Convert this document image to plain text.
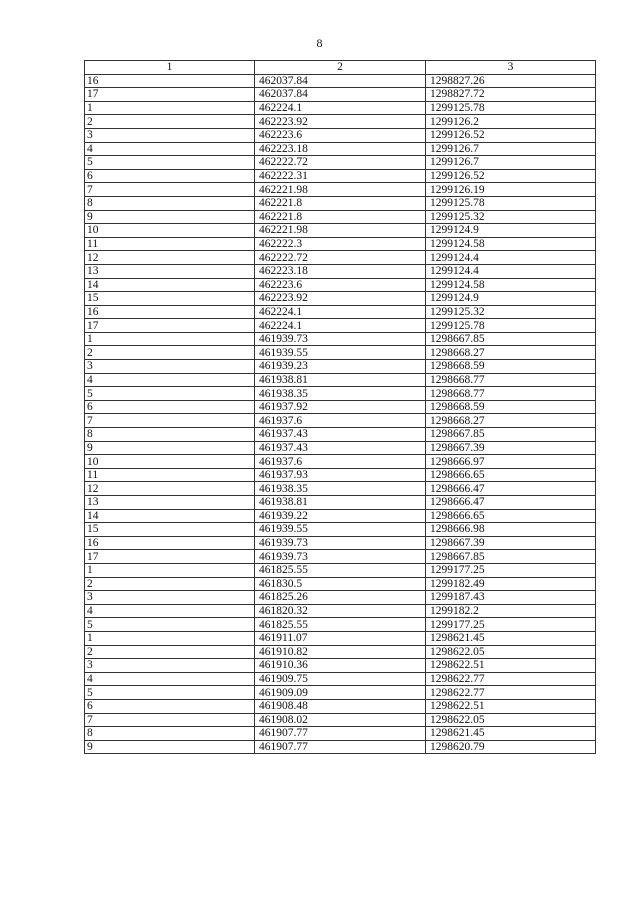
8
1	2	3
16	462037.84	1298827.26
17	462037.84	1298827.72
1	462224.1	1299125.78
2	462223.92	1299126.2
3	462223.6	1299126.52
4	462223.18	1299126.7
5	462222.72	1299126.7
6	462222.31	1299126.52
7	462221.98	1299126.19
8	462221.8	1299125.78
9	462221.8	1299125.32
10	462221.98	1299124.9
11	462222.3	1299124.58
12	462222.72	1299124.4
13	462223.18	1299124.4
14	462223.6	1299124.58
15	462223.92	1299124.9
16	462224.1	1299125.32
17	462224.1	1299125.78
1	461939.73	1298667.85
2	461939.55	1298668.27
3	461939.23	1298668.59
4	461938.81	1298668.77
5	461938.35	1298668.77
6	461937.92	1298668.59
7	461937.6	1298668.27
8	461937.43	1298667.85
9	461937.43	1298667.39
10	461937.6	1298666.97
11	461937.93	1298666.65
12	461938.35	1298666.47
13	461938.81	1298666.47
14	461939.22	1298666.65
15	461939.55	1298666.98
16	461939.73	1298667.39
17	461939.73	1298667.85
1	461825.55	1299177.25
2	461830.5	1299182.49
3	461825.26	1299187.43
4	461820.32	1299182.2
5	461825.55	1299177.25
1	461911.07	1298621.45
2	461910.82	1298622.05
3	461910.36	1298622.51
4	461909.75	1298622.77
5	461909.09	1298622.77
6	461908.48	1298622.51
7	461908.02	1298622.05
8	461907.77	1298621.45
9	461907.77	1298620.79
